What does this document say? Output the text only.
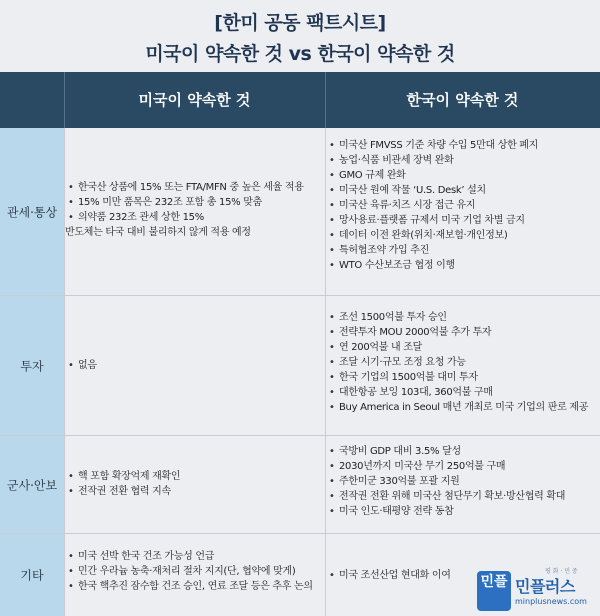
[한미 공동 팩트시트]
미국이 약속한 것 vs 한국이 약속한 것
미국이 약속한 것	한국이 약속한 것
관세·통상
• 한국산 상품에 15% 또는 FTA/MFN 중 높은 세율 적용
• 15% 미만 품목은 232조 포함 총 15% 맞춤
• 의약품 232조 관세 상한 15%
반도체는 타국 대비 불리하지 않게 적용 예정
• 미국산 FMVSS 기준 차량 수입 5만대 상한 폐지
• 농업·식품 비관세 장벽 완화
• GMO 규제 완화
• 미국산 원예 작물 ‘U.S. Desk’ 설치
• 미국산 육류·치즈 시장 접근 유지
• 망사용료·플랫폼 규제서 미국 기업 차별 금지
• 데이터 이전 완화(위치·재보험·개인정보)
• 특허협조약 가입 추진
• WTO 수산보조금 협정 이행
투자
•	없음
• 조선 1500억불 투자 승인
• 전략투자 MOU 2000억불 추가 투자
• 연 200억불 내 조달
• 조달 시기·규모 조정 요청 가능
• 한국 기업의 1500억불 대미 투자
• 대한항공 보잉 103대, 360억불 구매
• Buy America in Seoul 매년 개최로 미국 기업의 판로 제공
군사·안보
• 핵 포함 확장억제 재확인
• 전작권 전환 협력 지속
• 국방비 GDP 대비 3.5% 달성
• 2030년까지 미국산 무기 250억불 구매
• 주한미군 330억불 포괄 지원
• 전작권 전환 위해 미국산 첨단무기 확보·방산협력 확대
• 미국 인도·태평양 전략 동참
기타
• 미국 선박 한국 건조 가능성 언급
• 민간 우라늄 농축·재처리 절차 지지(단, 협약에 맞게)
• 한국 핵추진 잠수함 건조 승인, 연료 조달 등은 추후 논의
• 미국 조선산업 현대화 이여	민플
평 화 · 민 중
민플러스
minplusnews.com
